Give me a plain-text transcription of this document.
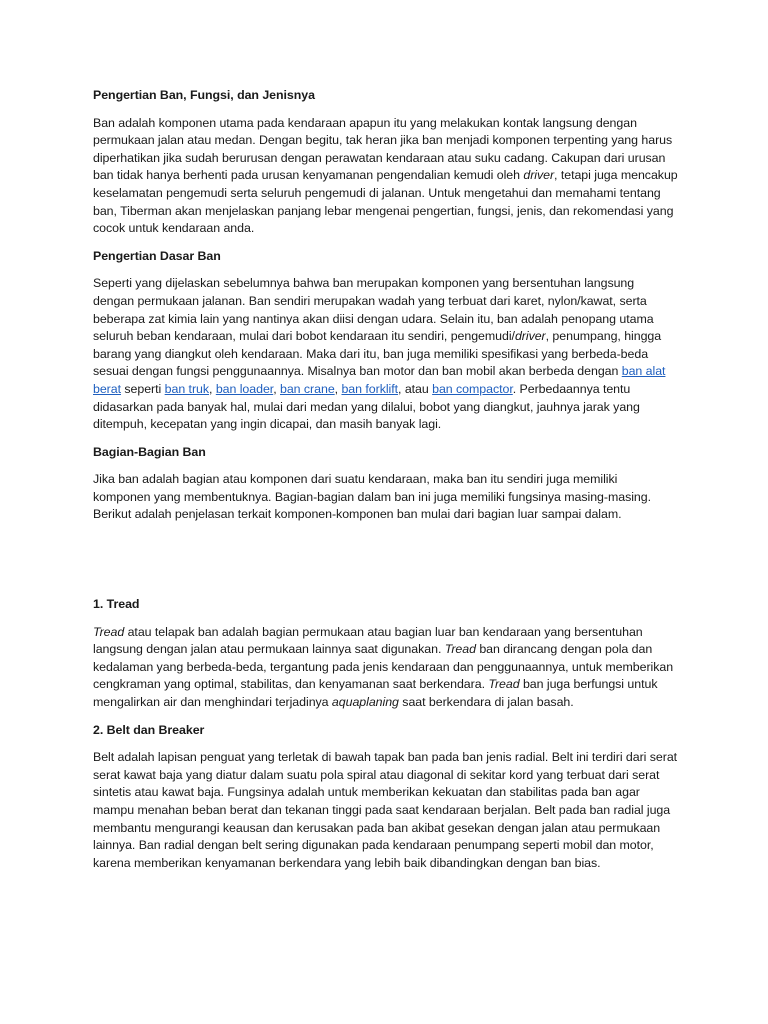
Pengertian Ban, Fungsi, dan Jenisnya

Ban adalah komponen utama pada kendaraan apapun itu yang melakukan kontak langsung dengan permukaan jalan atau medan. Dengan begitu, tak heran jika ban menjadi komponen terpenting yang harus diperhatikan jika sudah berurusan dengan perawatan kendaraan atau suku cadang. Cakupan dari urusan ban tidak hanya berhenti pada urusan kenyamanan pengendalian kemudi oleh driver, tetapi juga mencakup keselamatan pengemudi serta seluruh pengemudi di jalanan. Untuk mengetahui dan memahami tentang ban, Tiberman akan menjelaskan panjang lebar mengenai pengertian, fungsi, jenis, dan rekomendasi yang cocok untuk kendaraan anda.

Pengertian Dasar Ban

Seperti yang dijelaskan sebelumnya bahwa ban merupakan komponen yang bersentuhan langsung dengan permukaan jalanan. Ban sendiri merupakan wadah yang terbuat dari karet, nylon/kawat, serta beberapa zat kimia lain yang nantinya akan diisi dengan udara. Selain itu, ban adalah penopang utama seluruh beban kendaraan, mulai dari bobot kendaraan itu sendiri, pengemudi/driver, penumpang, hingga barang yang diangkut oleh kendaraan. Maka dari itu, ban juga memiliki spesifikasi yang berbeda-beda sesuai dengan fungsi penggunaannya. Misalnya ban motor dan ban mobil akan berbeda dengan ban alat berat seperti ban truk, ban loader, ban crane, ban forklift, atau ban compactor. Perbedaannya tentu didasarkan pada banyak hal, mulai dari medan yang dilalui, bobot yang diangkut, jauhnya jarak yang ditempuh, kecepatan yang ingin dicapai, dan masih banyak lagi.

Bagian-Bagian Ban

Jika ban adalah bagian atau komponen dari suatu kendaraan, maka ban itu sendiri juga memiliki komponen yang membentuknya. Bagian-bagian dalam ban ini juga memiliki fungsinya masing-masing. Berikut adalah penjelasan terkait komponen-komponen ban mulai dari bagian luar sampai dalam.

1. Tread

Tread atau telapak ban adalah bagian permukaan atau bagian luar ban kendaraan yang bersentuhan langsung dengan jalan atau permukaan lainnya saat digunakan. Tread ban dirancang dengan pola dan kedalaman yang berbeda-beda, tergantung pada jenis kendaraan dan penggunaannya, untuk memberikan cengkraman yang optimal, stabilitas, dan kenyamanan saat berkendara. Tread ban juga berfungsi untuk mengalirkan air dan menghindari terjadinya aquaplaning saat berkendara di jalan basah.

2. Belt dan Breaker

Belt adalah lapisan penguat yang terletak di bawah tapak ban pada ban jenis radial. Belt ini terdiri dari serat serat kawat baja yang diatur dalam suatu pola spiral atau diagonal di sekitar kord yang terbuat dari serat sintetis atau kawat baja. Fungsinya adalah untuk memberikan kekuatan dan stabilitas pada ban agar mampu menahan beban berat dan tekanan tinggi pada saat kendaraan berjalan. Belt pada ban radial juga membantu mengurangi keausan dan kerusakan pada ban akibat gesekan dengan jalan atau permukaan lainnya. Ban radial dengan belt sering digunakan pada kendaraan penumpang seperti mobil dan motor, karena memberikan kenyamanan berkendara yang lebih baik dibandingkan dengan ban bias.
